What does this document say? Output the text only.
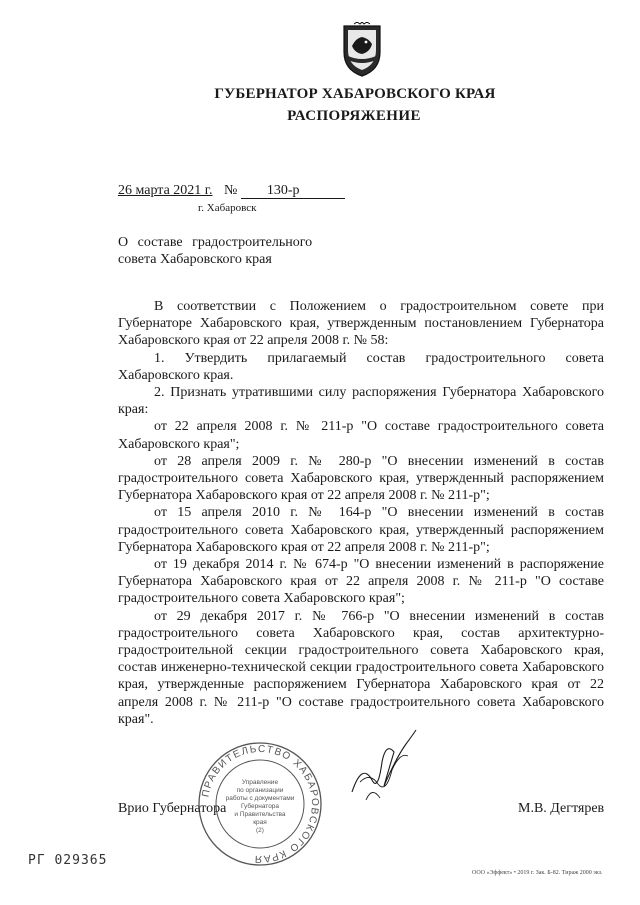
ГУБЕРНАТОР ХАБАРОВСКОГО КРАЯ
РАСПОРЯЖЕНИЕ
26 марта 2021 г. № 130-р
г. Хабаровск
О составе градостроительного
совета Хабаровского края

В соответствии с Положением о градостроительном совете при Губернаторе Хабаровского края, утвержденным постановлением Губернатора Хабаровского края от 22 апреля 2008 г. № 58:

1. Утвердить прилагаемый состав градостроительного совета Хабаровского края.

2. Признать утратившими силу распоряжения Губернатора Хабаровского края:

от 22 апреля 2008 г. № 211-р "О составе градостроительного совета Хабаровского края";

от 28 апреля 2009 г. № 280-р "О внесении изменений в состав градостроительного совета Хабаровского края, утвержденный распоряжением Губернатора Хабаровского края от 22 апреля 2008 г. № 211-р";

от 15 апреля 2010 г. № 164-р "О внесении изменений в состав градостроительного совета Хабаровского края, утвержденный распоряжением Губернатора Хабаровского края от 22 апреля 2008 г. № 211-р";

от 19 декабря 2014 г. № 674-р "О внесении изменений в распоряжение Губернатора Хабаровского края от 22 апреля 2008 г. № 211-р "О составе градостроительного совета Хабаровского края";

от 29 декабря 2017 г. № 766-р "О внесении изменений в состав градостроительного совета Хабаровского края, состав архитектурно-градостроительной секции градостроительного совета Хабаровского края, состав инженерно-технической секции градостроительного совета Хабаровского края, утвержденные распоряжением Губернатора Хабаровского края от 22 апреля 2008 г. № 211-р "О составе градостроительного совета Хабаровского края".

ПРАВИТЕЛЬСТВО ХАБАРОВСКОГО КРАЯ
Управление
по организации
работы с документами
Губернатора
и Правительства
края
(2)
Врио Губернатора	М.В. Дегтярев
РГ 029365
ООО «Эффект» • 2019 г. Зак. Б-82. Тираж 2000 экз.
